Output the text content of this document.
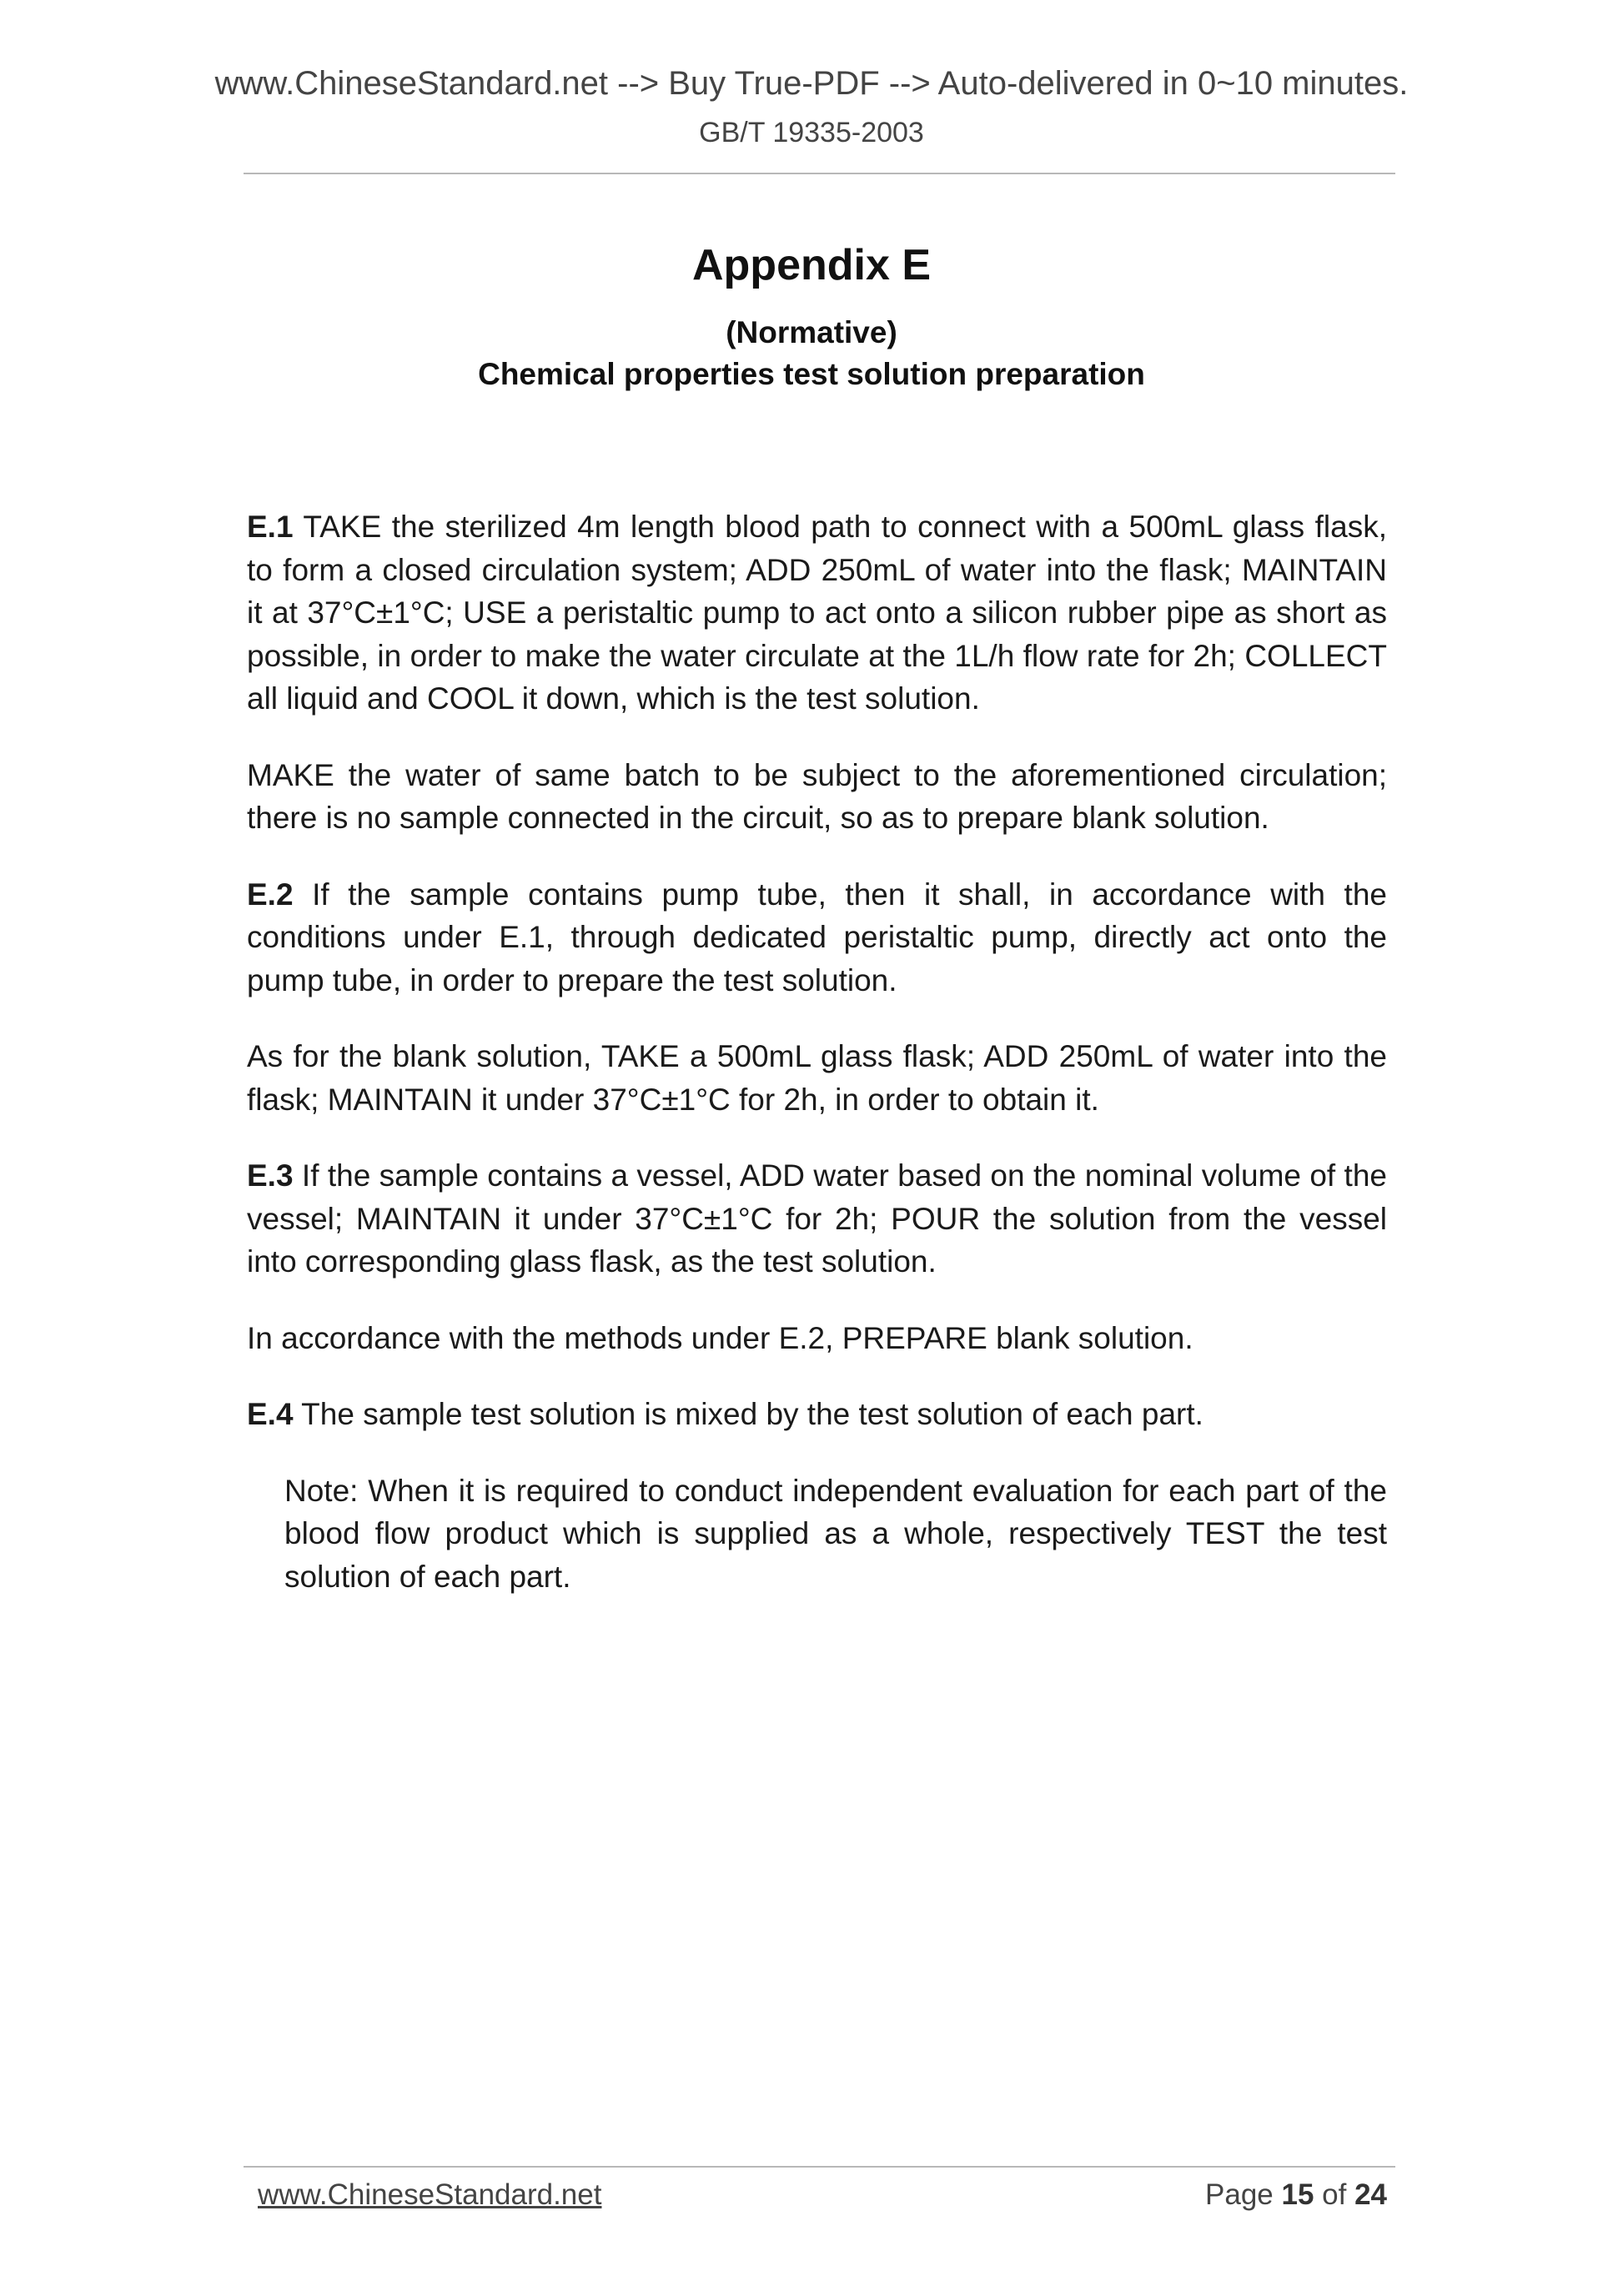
www.ChineseStandard.net --> Buy True-PDF --> Auto-delivered in 0~10 minutes.
GB/T 19335-2003
Appendix E
(Normative)
Chemical properties test solution preparation

E.1 TAKE the sterilized 4m length blood path to connect with a 500mL glass flask, to form a closed circulation system; ADD 250mL of water into the flask; MAINTAIN it at 37°C±1°C; USE a peristaltic pump to act onto a silicon rubber pipe as short as possible, in order to make the water circulate at the 1L/h flow rate for 2h; COLLECT all liquid and COOL it down, which is the test solution.

MAKE the water of same batch to be subject to the aforementioned circulation; there is no sample connected in the circuit, so as to prepare blank solution.

E.2 If the sample contains pump tube, then it shall, in accordance with the conditions under E.1, through dedicated peristaltic pump, directly act onto the pump tube, in order to prepare the test solution.

As for the blank solution, TAKE a 500mL glass flask; ADD 250mL of water into the flask; MAINTAIN it under 37°C±1°C for 2h, in order to obtain it.

E.3 If the sample contains a vessel, ADD water based on the nominal volume of the vessel; MAINTAIN it under 37°C±1°C for 2h; POUR the solution from the vessel into corresponding glass flask, as the test solution.

In accordance with the methods under E.2, PREPARE blank solution.

E.4 The sample test solution is mixed by the test solution of each part.

Note: When it is required to conduct independent evaluation for each part of the blood flow product which is supplied as a whole, respectively TEST the test solution of each part.

www.ChineseStandard.net	Page 15 of 24
